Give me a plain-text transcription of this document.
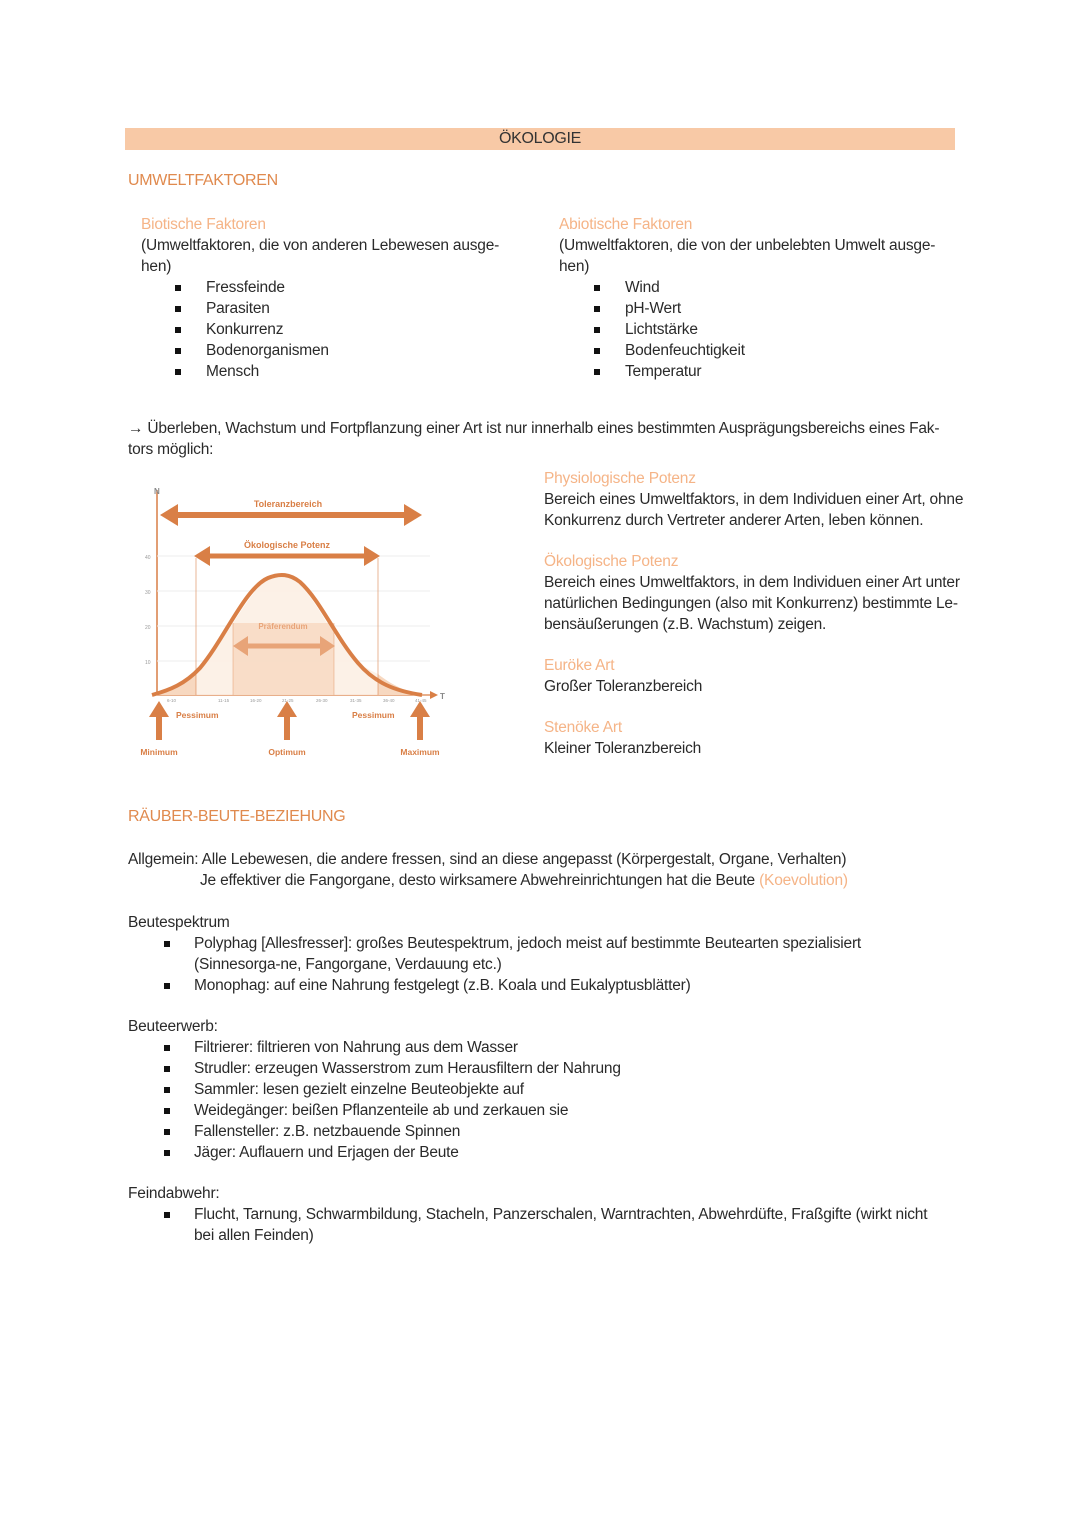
ÖKOLOGIE
UMWELTFAKTOREN
Biotische Faktoren
(Umweltfaktoren, die von anderen Lebewesen ausge-
hen)
Fressfeinde
Parasiten
Konkurrenz
Bodenorganismen
Mensch
Abiotische Faktoren
(Umweltfaktoren, die von der unbelebten Umwelt ausge-
hen)
Wind
pH-Wert
Lichtstärke
Bodenfeuchtigkeit
Temperatur
→ Überleben, Wachstum und Fortpflanzung einer Art ist nur innerhalb eines bestimmten Ausprägungsbereichs eines Fak-
tors möglich:
N
T
40
30
20
10
Toleranzbereich
Ökologische Potenz
Präferendum
6-10	11-15	16-20	21-25	26-30	31-35	36-40	41-45
Pessimum	Pessimum
Minimum	Optimum	Maximum
Physiologische Potenz
Bereich eines Umweltfaktors, in dem Individuen einer Art, ohne
Konkurrenz durch Vertreter anderer Arten, leben können.
Ökologische Potenz
Bereich eines Umweltfaktors, in dem Individuen einer Art unter
natürlichen Bedingungen (also mit Konkurrenz) bestimmte Le-
bensäußerungen (z.B. Wachstum) zeigen.
Euröke Art
Großer Toleranzbereich
Stenöke Art
Kleiner Toleranzbereich
RÄUBER-BEUTE-BEZIEHUNG
Allgemein: Alle Lebewesen, die andere fressen, sind an diese angepasst (Körpergestalt, Organe, Verhalten)
Je effektiver die Fangorgane, desto wirksamere Abwehreinrichtungen hat die Beute (Koevolution)
Beutespektrum
Polyphag [Allesfresser]: großes Beutespektrum, jedoch meist auf bestimmte Beutearten spezialisiert (Sinnesorga-ne, Fangorgane, Verdauung etc.)
Monophag: auf eine Nahrung festgelegt (z.B. Koala und Eukalyptusblätter)
Beuteerwerb:
Filtrierer: filtrieren von Nahrung aus dem Wasser
Strudler: erzeugen Wasserstrom zum Herausfiltern der Nahrung
Sammler: lesen gezielt einzelne Beuteobjekte auf
Weidegänger: beißen Pflanzenteile ab und zerkauen sie
Fallensteller: z.B. netzbauende Spinnen
Jäger: Auflauern und Erjagen der Beute
Feindabwehr:
Flucht, Tarnung, Schwarmbildung, Stacheln, Panzerschalen, Warntrachten, Abwehrdüfte, Fraßgifte (wirkt nicht bei allen Feinden)
